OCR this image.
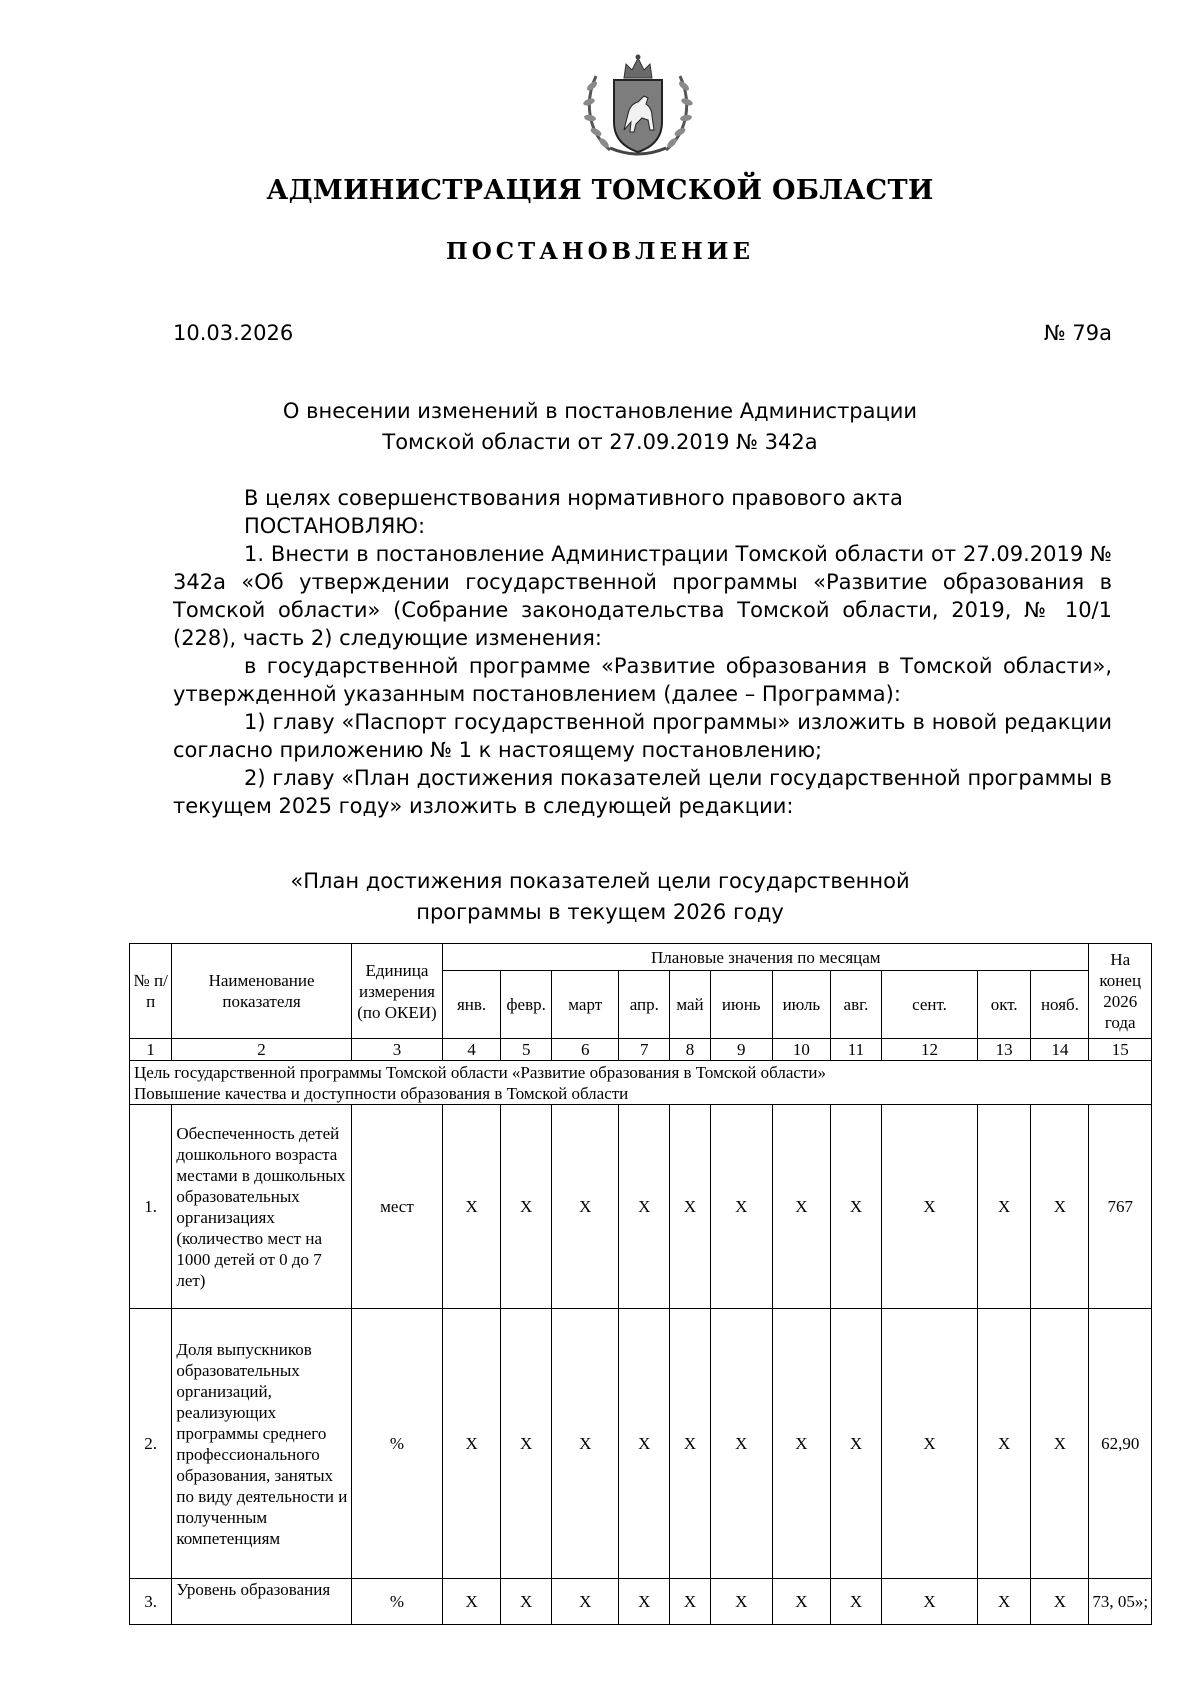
АДМИНИСТРАЦИЯ ТОМСКОЙ ОБЛАСТИ
ПОСТАНОВЛЕНИЕ
10.03.2026	№ 79а
О внесении изменений в постановление Администрации
Томской области от 27.09.2019 № 342а

В целях совершенствования нормативного правового акта

ПОСТАНОВЛЯЮ:

1. Внести в постановление Администрации Томской области от 27.09.2019 № 342а «Об утверждении государственной программы «Развитие образования в Томской области» (Собрание законодательства Томской области, 2019, № 10/1 (228), часть 2) следующие изменения:

в государственной программе «Развитие образования в Томской области», утвержденной указанным постановлением (далее – Программа):

1) главу «Паспорт государственной программы» изложить в новой редакции согласно приложению № 1 к настоящему постановлению;

2) главу «План достижения показателей цели государственной программы в текущем 2025 году» изложить в следующей редакции:

«План достижения показателей цели государственной
программы в текущем 2026 году
№ п/п	Наименование показателя	Единица измерения (по ОКЕИ)	Плановые значения по месяцам											На конец 2026 года
			янв.	февр.	март	апр.	май	июнь	июль	авг.	сент.	окт.	нояб.	
1	2	3	4	5	6	7	8	9	10	11	12	13	14	15

Цель государственной программы Томской области «Развитие образования в Томской области»
Повышение качества и доступности образования в Томской области														

1.	Обеспеченность детей дошкольного возраста местами в дошкольных образовательных организациях (количество мест на 1000 детей от 0 до 7 лет)	мест	X	X	X	X	X	X	X	X	X	X	X	767
2.	Доля выпускников образовательных организаций, реализующих программы среднего профессионального образования, занятых по виду деятельности и полученным компетенциям	%	X	X	X	X	X	X	X	X	X	X	X	62,90
3.	Уровень образования	%	X	X	X	X	X	X	X	X	X	X	X	73, 05»;
